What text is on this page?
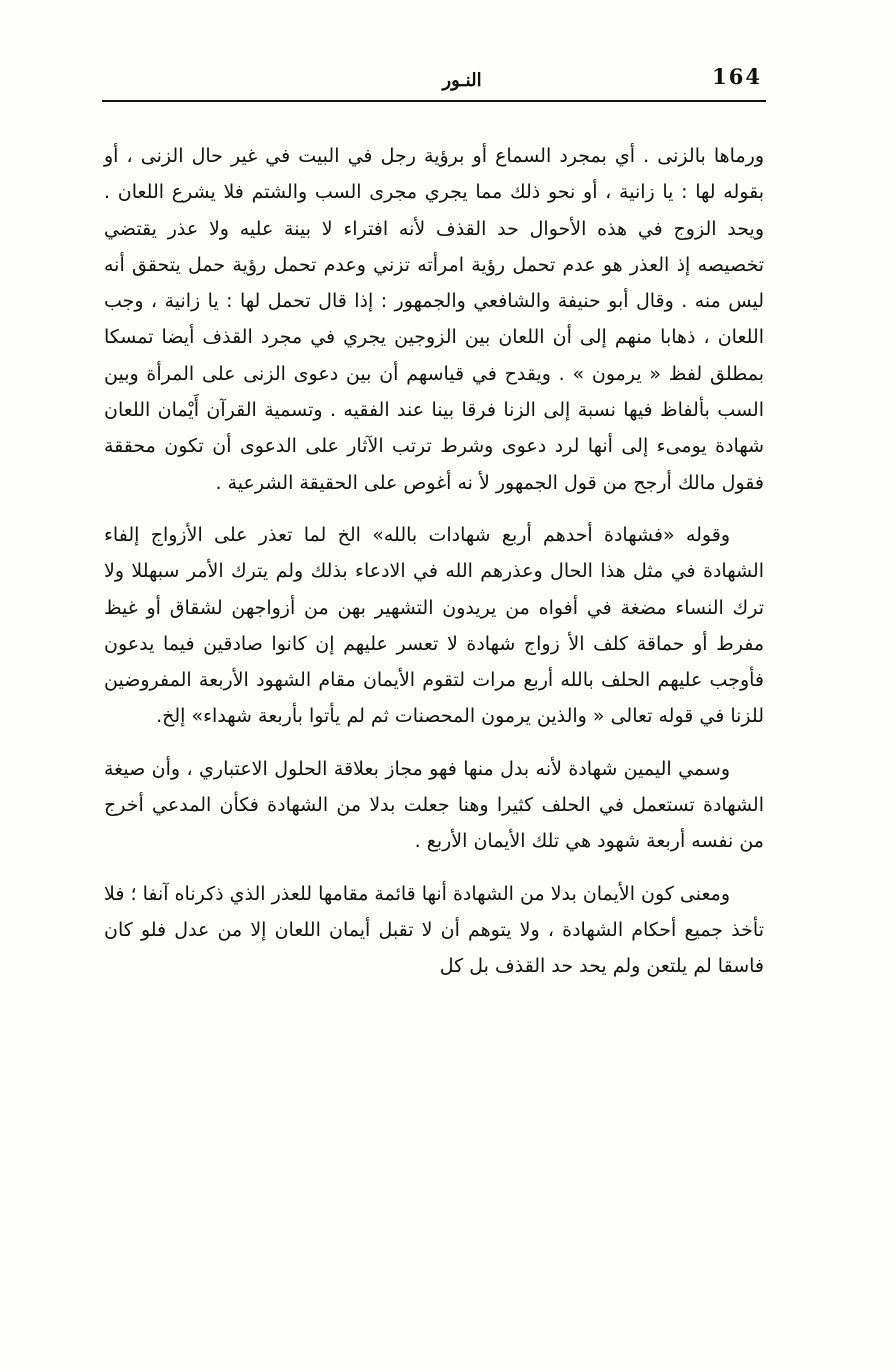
164
النـور

ورماها بالزنى . أي بمجرد السماع أو برؤية رجل في البيت في غير حال الزنى ، أو بقوله لها : يا زانية ، أو نحو ذلك مما يجري مجرى السب والشتم فلا يشرع اللعان . ويحد الزوج في هذه الأحوال حد القذف لأنه افتراء لا بينة عليه ولا عذر يقتضي تخصيصه إذ العذر هو عدم تحمل رؤية امرأته تزني وعدم تحمل رؤية حمل يتحقق أنه ليس منه . وقال أبو حنيفة والشافعي والجمهور : إذا قال تحمل لها : يا زانية ، وجب اللعان ، ذهابا منهم إلى أن اللعان بين الزوجين يجري في مجرد القذف أيضا تمسكا بمطلق لفظ « يرمون » . ويقدح في قياسهم أن بين دعوى الزنى على المرأة وبين السب بألفاظ فيها نسبة إلى الزنا فرقا بينا عند الفقيه . وتسمية القرآن أَيْمان اللعان شهادة يومىء إلى أنها لرد دعوى وشرط ترتب الآثار على الدعوى أن تكون محققة فقول مالك أرجح من قول الجمهور لأ نه أغوص على الحقيقة الشرعية .

وقوله «فشهادة أحدهم أربع شهادات بالله» الخ لما تعذر على الأزواج إلفاء الشهادة في مثل هذا الحال وعذرهم الله في الادعاء بذلك ولم يترك الأمر سبهللا ولا ترك النساء مضغة في أفواه من يريدون التشهير بهن من أزواجهن لشقاق أو غيظ مفرط أو حماقة كلف الأ زواج شهادة لا تعسر عليهم إن كانوا صادقين فيما يدعون فأوجب عليهم الحلف بالله أربع مرات لتقوم الأيمان مقام الشهود الأربعة المفروضين للزنا في قوله تعالى « والذين يرمون المحصنات ثم لم يأتوا بأربعة شهداء» إلخ.

وسمي اليمين شهادة لأنه بدل منها فهو مجاز بعلاقة الحلول الاعتباري ، وأن صيغة الشهادة تستعمل في الحلف كثيرا وهنا جعلت بدلا من الشهادة فكأن المدعي أخرج من نفسه أربعة شهود هي تلك الأيمان الأربع .

ومعنى كون الأيمان بدلا من الشهادة أنها قائمة مقامها للعذر الذي ذكرناه آنفا ؛ فلا تأخذ جميع أحكام الشهادة ، ولا يتوهم أن لا تقبل أيمان اللعان إلا من عدل فلو كان فاسقا لم يلتعن ولم يحد حد القذف بل كل
